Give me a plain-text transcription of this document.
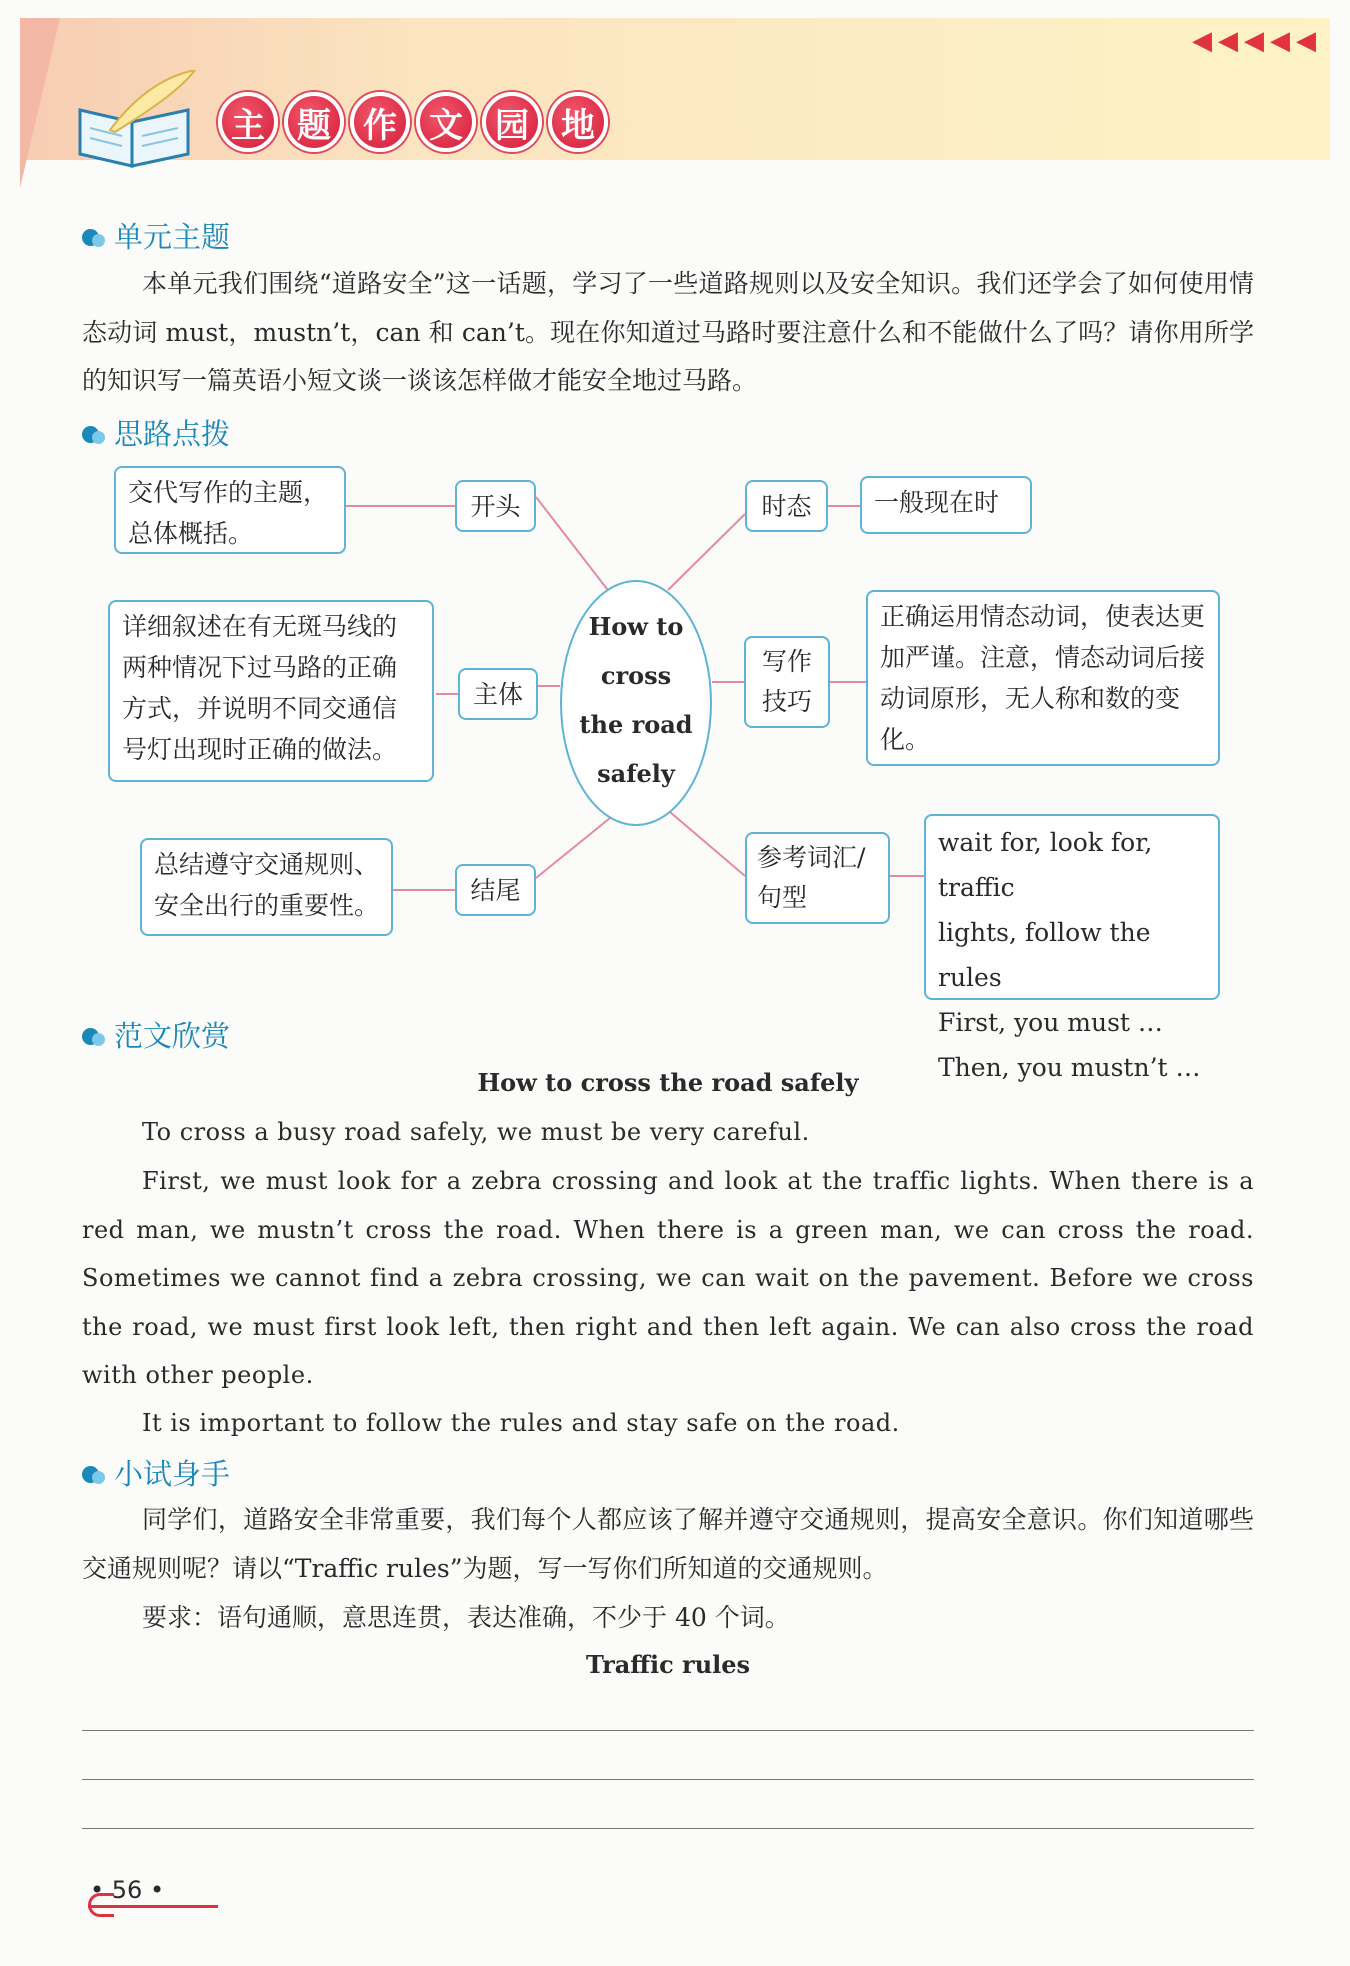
◀◀◀◀◀
主 题 作 文 园 地
单元主题
本单元我们围绕“道路安全”这一话题，学习了一些道路规则以及安全知识。我们还学会了如何使用情态动词 must，mustn’t，can 和 can’t。现在你知道过马路时要注意什么和不能做什么了吗？请你用所学的知识写一篇英语小短文谈一谈该怎样做才能安全地过马路。
思路点拨
交代写作的主题，总体概括。
开头
详细叙述在有无斑马线的两种情况下过马路的正确方式，并说明不同交通信号灯出现时正确的做法。
主体
总结遵守交通规则、安全出行的重要性。
结尾
How to
cross
the road
safely
时态	一般现在时
写作技巧
正确运用情态动词，使表达更加严谨。注意，情态动词后接动词原形，无人称和数的变化。
参考词汇/句型
wait for, look for, traffic
lights, follow the rules
First, you must …
Then, you mustn’t …
范文欣赏
How to cross the road safely
To cross a busy road safely, we must be very careful.
First, we must look for a zebra crossing and look at the traffic lights. When there is a red man, we mustn’t cross the road. When there is a green man, we can cross the road. Sometimes we cannot find a zebra crossing, we can wait on the pavement. Before we cross the road, we must first look left, then right and then left again. We can also cross the road with other people.
It is important to follow the rules and stay safe on the road.
小试身手
同学们，道路安全非常重要，我们每个人都应该了解并遵守交通规则，提高安全意识。你们知道哪些交通规则呢？请以“Traffic rules”为题，写一写你们所知道的交通规则。
要求：语句通顺，意思连贯，表达准确，不少于 40 个词。
Traffic rules
• 56 •
